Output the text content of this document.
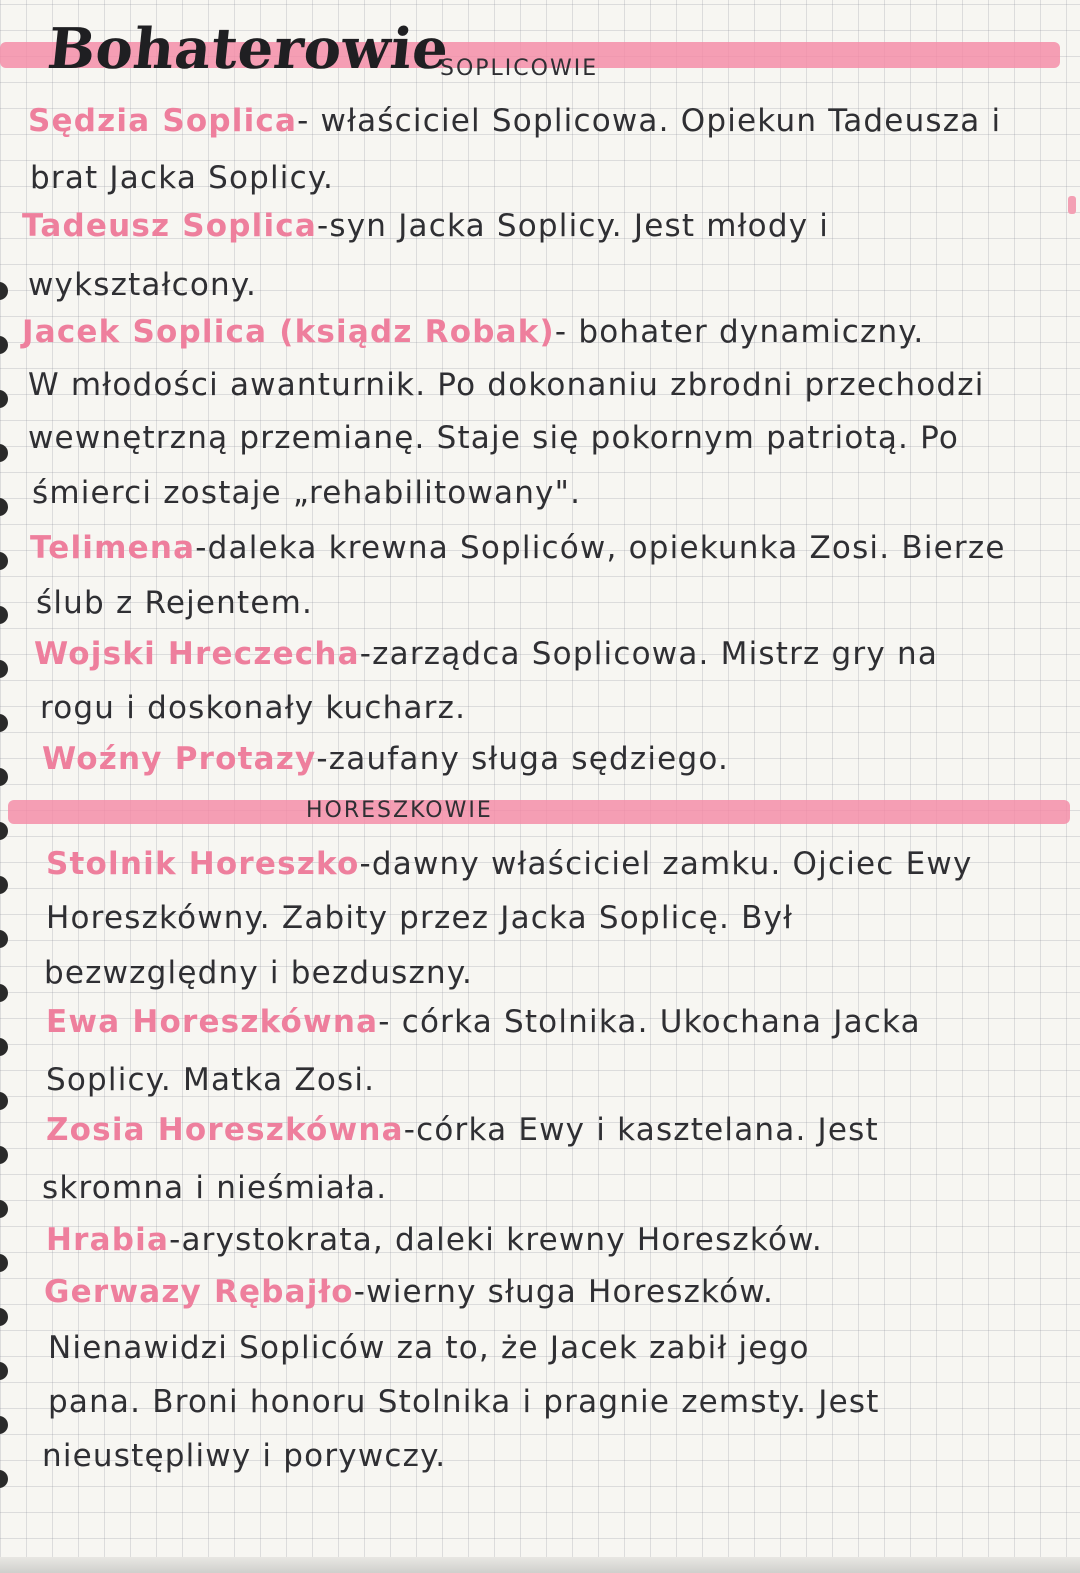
Bohaterowie
SOPLICOWIE
Sędzia Soplica- właściciel Soplicowa. Opiekun Tadeusza i
brat Jacka Soplicy.
Tadeusz Soplica-syn Jacka Soplicy. Jest młody i
wykształcony.
Jacek Soplica (ksiądz Robak)- bohater dynamiczny.
W młodości awanturnik. Po dokonaniu zbrodni przechodzi
wewnętrzną przemianę. Staje się pokornym patriotą. Po
śmierci zostaje „rehabilitowany".
Telimena-daleka krewna Sopliców, opiekunka Zosi. Bierze
ślub z Rejentem.
Wojski Hreczecha-zarządca Soplicowa. Mistrz gry na
rogu i doskonały kucharz.
Woźny Protazy-zaufany sługa sędziego.
HORESZKOWIE
Stolnik Horeszko-dawny właściciel zamku. Ojciec Ewy
Horeszkówny. Zabity przez Jacka Soplicę. Był
bezwzględny i bezduszny.
Ewa Horeszkówna- córka Stolnika. Ukochana Jacka
Soplicy. Matka Zosi.
Zosia Horeszkówna-córka Ewy i kasztelana. Jest
skromna i nieśmiała.
Hrabia-arystokrata, daleki krewny Horeszków.
Gerwazy Rębajło-wierny sługa Horeszków.
Nienawidzi Sopliców za to, że Jacek zabił jego
pana. Broni honoru Stolnika i pragnie zemsty. Jest
nieustępliwy i porywczy.
